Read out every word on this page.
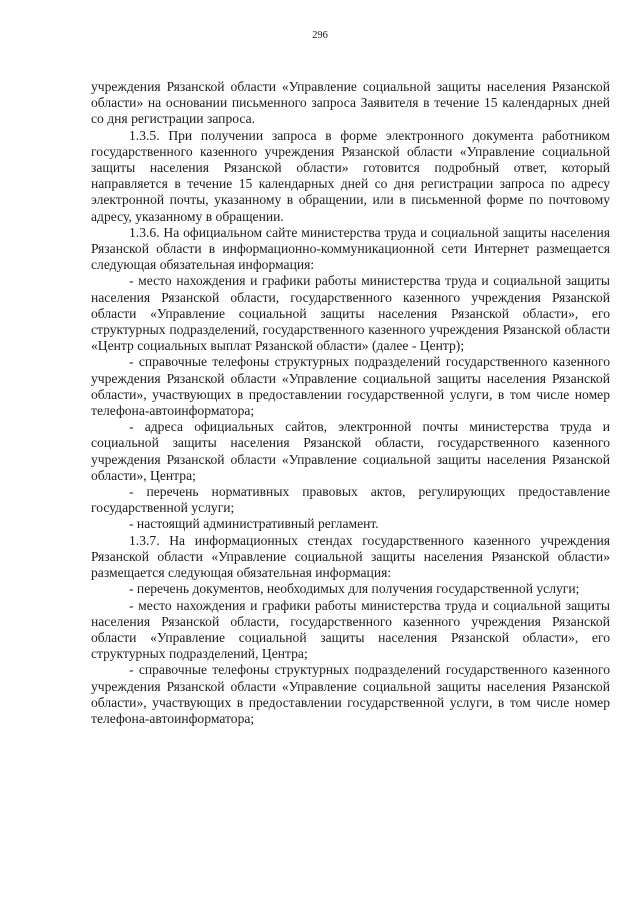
296

учреждения Рязанской области «Управление социальной защиты населения Рязанской области» на основании письменного запроса Заявителя в течение 15 календарных дней со дня регистрации запроса.

1.3.5. При получении запроса в форме электронного документа работником государственного казенного учреждения Рязанской области «Управление социальной защиты населения Рязанской области» готовится подробный ответ, который направляется в течение 15 календарных дней со дня регистрации запроса по адресу электронной почты, указанному в обращении, или в письменной форме по почтовому адресу, указанному в обращении.

1.3.6. На официальном сайте министерства труда и социальной защиты населения Рязанской области в информационно-коммуникационной сети Интернет размещается следующая обязательная информация:

- место нахождения и графики работы министерства труда и социальной защиты населения Рязанской области, государственного казенного учреждения Рязанской области «Управление социальной защиты населения Рязанской области», его структурных подразделений, государственного казенного учреждения Рязанской области «Центр социальных выплат Рязанской области» (далее - Центр);

- справочные телефоны структурных подразделений государственного казенного учреждения Рязанской области «Управление социальной защиты населения Рязанской области», участвующих в предоставлении государственной услуги, в том числе номер телефона-автоинформатора;

- адреса официальных сайтов, электронной почты министерства труда и социальной защиты населения Рязанской области, государственного казенного учреждения Рязанской области «Управление социальной защиты населения Рязанской области», Центра;

- перечень нормативных правовых актов, регулирующих предоставление государственной услуги;

- настоящий административный регламент.

1.3.7. На информационных стендах государственного казенного учреждения Рязанской области «Управление социальной защиты населения Рязанской области» размещается следующая обязательная информация:

- перечень документов, необходимых для получения государственной услуги;

- место нахождения и графики работы министерства труда и социальной защиты населения Рязанской области, государственного казенного учреждения Рязанской области «Управление социальной защиты населения Рязанской области», его структурных подразделений, Центра;

- справочные телефоны структурных подразделений государственного казенного учреждения Рязанской области «Управление социальной защиты населения Рязанской области», участвующих в предоставлении государственной услуги, в том числе номер телефона-автоинформатора;
